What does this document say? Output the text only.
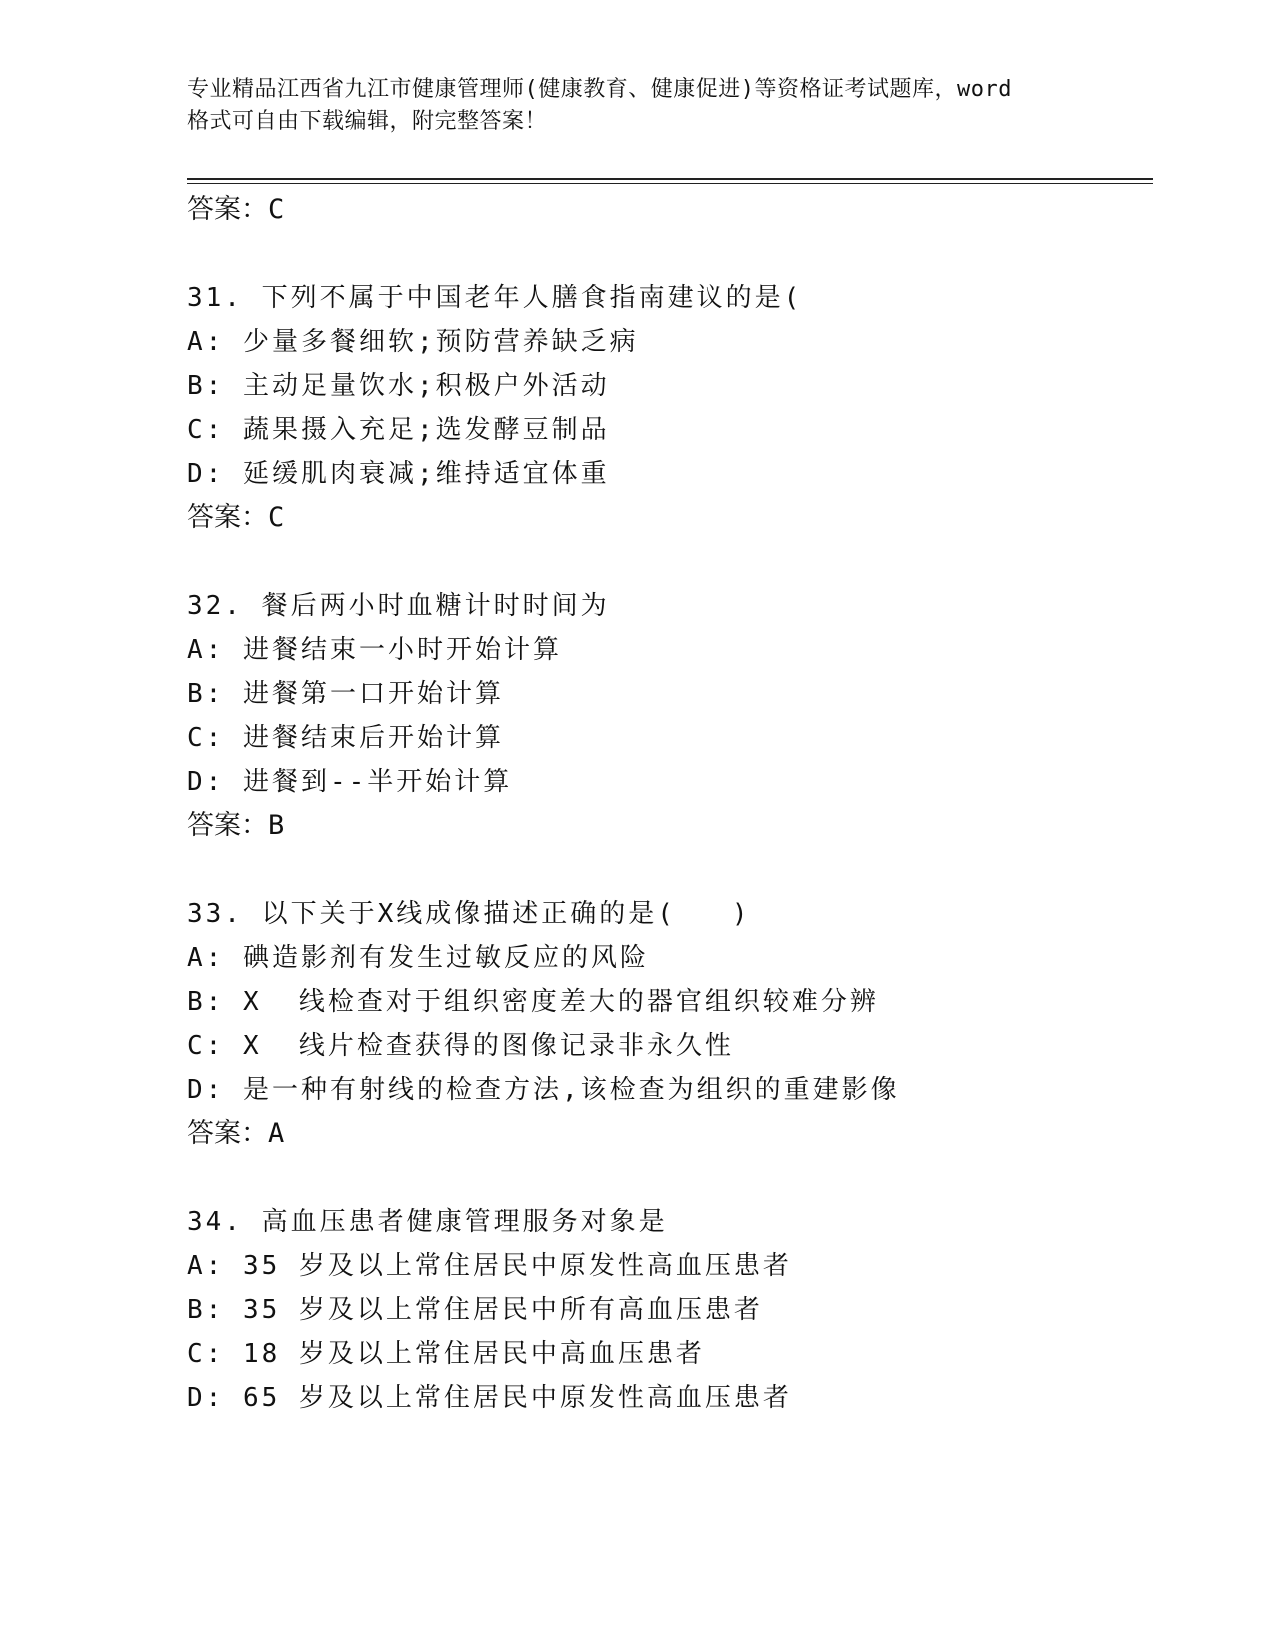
专业精品江西省九江市健康管理师(健康教育、健康促进)等资格证考试题库，word
格式可自由下载编辑，附完整答案！
答案：C
31. 下列不属于中国老年人膳食指南建议的是(
A: 少量多餐细软;预防营养缺乏病
B: 主动足量饮水;积极户外活动
C: 蔬果摄入充足;选发酵豆制品
D: 延缓肌肉衰减;维持适宜体重
答案：C
32. 餐后两小时血糖计时时间为
A: 进餐结束一小时开始计算
B: 进餐第一口开始计算
C: 进餐结束后开始计算
D: 进餐到--半开始计算
答案：B
33. 以下关于X线成像描述正确的是(   )
A: 碘造影剂有发生过敏反应的风险
B: X  线检查对于组织密度差大的器官组织较难分辨
C: X  线片检查获得的图像记录非永久性
D: 是一种有射线的检查方法,该检查为组织的重建影像
答案：A
34. 高血压患者健康管理服务对象是
A: 35 岁及以上常住居民中原发性高血压患者
B: 35 岁及以上常住居民中所有高血压患者
C: 18 岁及以上常住居民中高血压患者
D: 65 岁及以上常住居民中原发性高血压患者
